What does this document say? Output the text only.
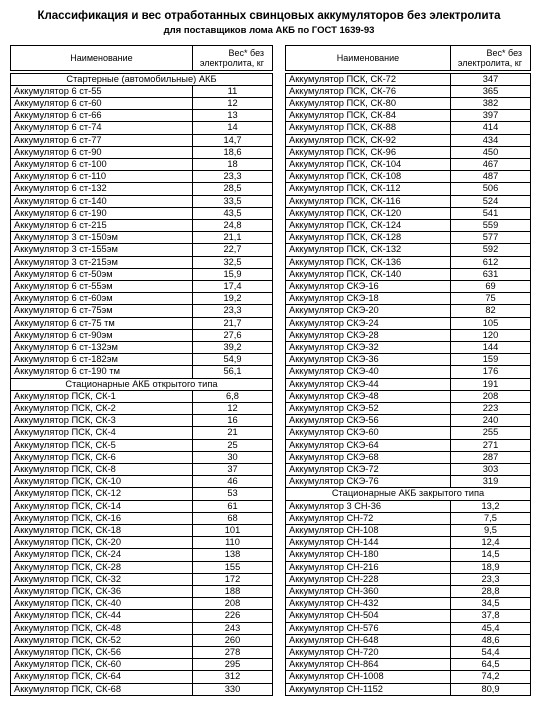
Классификация и вес отработанных свинцовых аккумуляторов без электролита
для поставщиков лома АКБ по ГОСТ 1639-93
Наименование	Вес* без
электролита, кг

Стартерные (автомобильные) АКБ	
Аккумулятор 6 ст-55	11
Аккумулятор 6 ст-60	12
Аккумулятор 6 ст-66	13
Аккумулятор 6 ст-74	14
Аккумулятор 6 ст-77	14,7
Аккумулятор 6 ст-90	18,6
Аккумулятор 6 ст-100	18
Аккумулятор 6 ст-110	23,3
Аккумулятор 6 ст-132	28,5
Аккумулятор 6 ст-140	33,5
Аккумулятор 6 ст-190	43,5
Аккумулятор 6 ст-215	24,8
Аккумулятор 3 ст-150эм	21,1
Аккумулятор 3 ст-155эм	22,7
Аккумулятор 3 ст-215эм	32,5
Аккумулятор 6 ст-50эм	15,9
Аккумулятор 6 ст-55эм	17,4
Аккумулятор 6 ст-60эм	19,2
Аккумулятор 6 ст-75эм	23,3
Аккумулятор 6 ст-75 тм	21,7
Аккумулятор 6 ст-90эм	27,6
Аккумулятор 6 ст-132эм	39,2
Аккумулятор 6 ст-182эм	54,9
Аккумулятор 6 ст-190 тм	56,1
Стационарные АКБ открытого типа	
Аккумулятор ПСК, СК-1	6,8
Аккумулятор ПСК, СК-2	12
Аккумулятор ПСК, СК-3	16
Аккумулятор ПСК, СК-4	21
Аккумулятор ПСК, СК-5	25
Аккумулятор ПСК, СК-6	30
Аккумулятор ПСК, СК-8	37
Аккумулятор ПСК, СК-10	46
Аккумулятор ПСК, СК-12	53
Аккумулятор ПСК, СК-14	61
Аккумулятор ПСК, СК-16	68
Аккумулятор ПСК, СК-18	101
Аккумулятор ПСК, СК-20	110
Аккумулятор ПСК, СК-24	138
Аккумулятор ПСК, СК-28	155
Аккумулятор ПСК, СК-32	172
Аккумулятор ПСК, СК-36	188
Аккумулятор ПСК, СК-40	208
Аккумулятор ПСК, СК-44	226
Аккумулятор ПСК, СК-48	243
Аккумулятор ПСК, СК-52	260
Аккумулятор ПСК, СК-56	278
Аккумулятор ПСК, СК-60	295
Аккумулятор ПСК, СК-64	312
Аккумулятор ПСК, СК-68	330
Наименование	Вес* без
электролита, кг

Аккумулятор ПСК, СК-72	347
Аккумулятор ПСК, СК-76	365
Аккумулятор ПСК, СК-80	382
Аккумулятор ПСК, СК-84	397
Аккумулятор ПСК, СК-88	414
Аккумулятор ПСК, СК-92	434
Аккумулятор ПСК, СК-96	450
Аккумулятор ПСК, СК-104	467
Аккумулятор ПСК, СК-108	487
Аккумулятор ПСК, СК-112	506
Аккумулятор ПСК, СК-116	524
Аккумулятор ПСК, СК-120	541
Аккумулятор ПСК, СК-124	559
Аккумулятор ПСК, СК-128	577
Аккумулятор ПСК, СК-132	592
Аккумулятор ПСК, СК-136	612
Аккумулятор ПСК, СК-140	631
Аккумулятор СКЭ-16	69
Аккумулятор СКЭ-18	75
Аккумулятор СКЭ-20	82
Аккумулятор СКЭ-24	105
Аккумулятор СКЭ-28	120
Аккумулятор СКЭ-32	144
Аккумулятор СКЭ-36	159
Аккумулятор СКЭ-40	176
Аккумулятор СКЭ-44	191
Аккумулятор СКЭ-48	208
Аккумулятор СКЭ-52	223
Аккумулятор СКЭ-56	240
Аккумулятор СКЭ-60	255
Аккумулятор СКЭ-64	271
Аккумулятор СКЭ-68	287
Аккумулятор СКЭ-72	303
Аккумулятор СКЭ-76	319
Стационарные АКБ закрытого типа	
Аккумулятор 3 СН-36	13,2
Аккумулятор СН-72	7,5
Аккумулятор СН-108	9,5
Аккумулятор СН-144	12,4
Аккумулятор СН-180	14,5
Аккумулятор СН-216	18,9
Аккумулятор СН-228	23,3
Аккумулятор СН-360	28,8
Аккумулятор СН-432	34,5
Аккумулятор СН-504	37,8
Аккумулятор СН-576	45,4
Аккумулятор СН-648	48,6
Аккумулятор СН-720	54,4
Аккумулятор СН-864	64,5
Аккумулятор СН-1008	74,2
Аккумулятор СН-1152	80,9
